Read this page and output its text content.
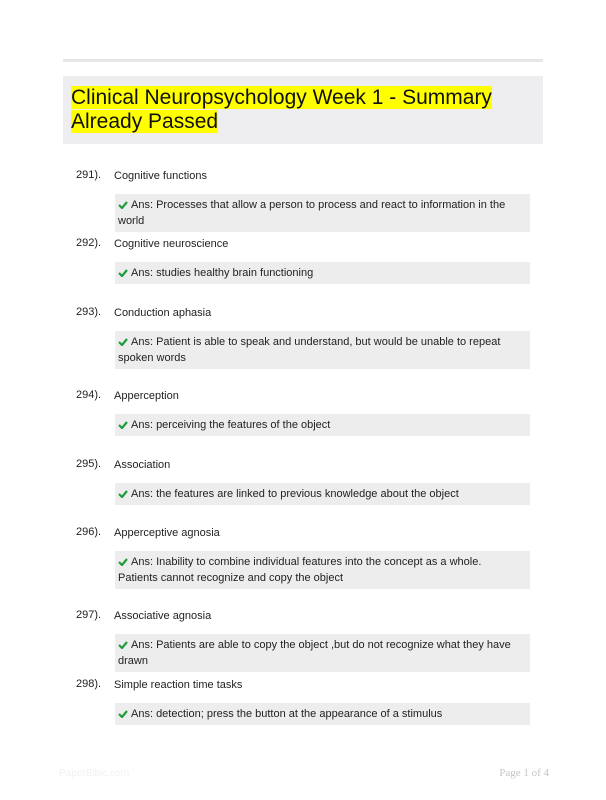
Clinical Neuropsychology Week 1 - Summary
Already Passed
291). Cognitive functions
Ans: Processes that allow a person to process and react to information in the world
292). Cognitive neuroscience
Ans: studies healthy brain functioning
293). Conduction aphasia
Ans: Patient is able to speak and understand, but would be unable to repeat spoken words
294). Apperception
Ans: perceiving the features of the object
295). Association
Ans: the features are linked to previous knowledge about the object
296). Apperceptive agnosia
Ans: Inability to combine individual features into the concept as a whole. Patients cannot recognize and copy the object
297). Associative agnosia
Ans: Patients are able to copy the object ,but do not recognize what they have drawn
298). Simple reaction time tasks
Ans: detection; press the button at the appearance of a stimulus
PaperBibic.com	Page 1 of 4
